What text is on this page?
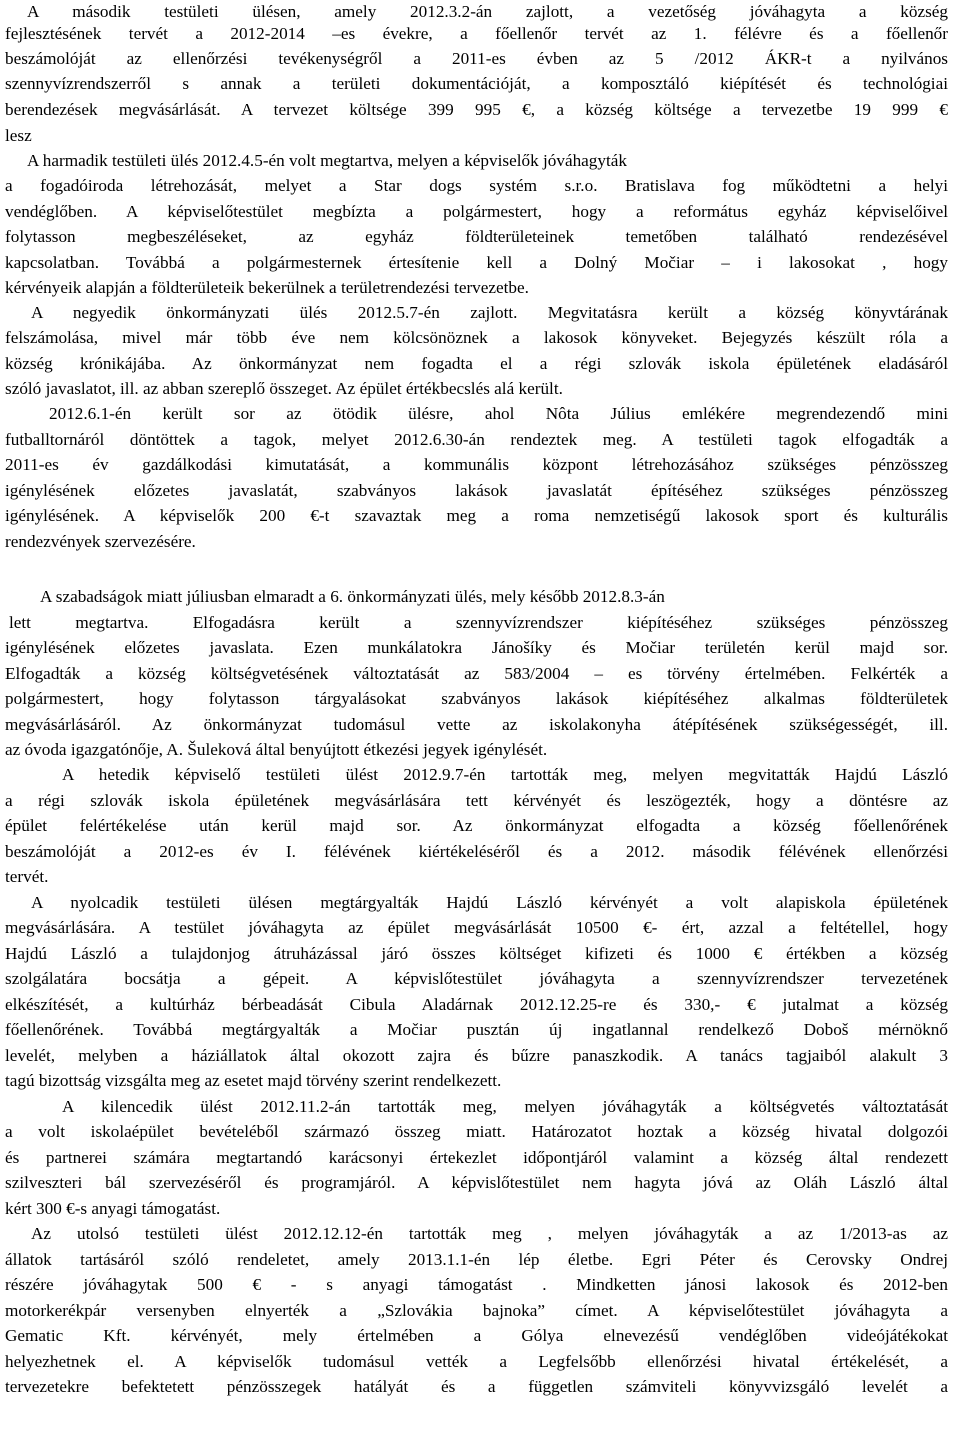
A második testületi ülésen, amely 2012.3.2-án zajlott, a vezetőség jóváhagyta a község
fejlesztésének tervét a 2012-2014 –es évekre, a főellenőr tervét az 1. félévre és a főellenőr
beszámolóját az ellenőrzési tevékenységről a 2011-es évben az 5 /2012 ÁKR-t a nyilvános
szennyvízrendszerről s annak a területi dokumentációját, a komposztáló kiépítését és technológiai
berendezések megvásárlását. A tervezet költsége 399 995 €, a község költsége a tervezetbe 19 999 €
lesz
A harmadik testületi ülés 2012.4.5-én volt megtartva, melyen a képviselők jóváhagyták
a fogadóiroda létrehozását, melyet a Star dogs systém s.r.o. Bratislava fog működtetni a helyi
vendéglőben. A képviselőtestület megbízta a polgármestert, hogy a református egyház képviselőivel
folytasson megbeszéléseket, az egyház földterületeinek temetőben található rendezésével
kapcsolatban. Továbbá a polgármesternek értesítenie kell a Dolný Močiar – i lakosokat , hogy
kérvényeik alapján a földterületeik bekerülnek a területrendezési tervezetbe.
A negyedik önkormányzati ülés 2012.5.7-én zajlott. Megvitatásra került a község könyvtárának
felszámolása, mivel már több éve nem kölcsönöznek a lakosok könyveket. Bejegyzés készült róla a
község krónikájába. Az önkormányzat nem fogadta el a régi szlovák iskola épületének eladásáról
szóló javaslatot, ill. az abban szereplő összeget. Az épület értékbecslés alá került.
2012.6.1-én került sor az ötödik ülésre, ahol Nôta Július emlékére megrendezendő mini
futballtornáról döntöttek a tagok, melyet 2012.6.30-án rendeztek meg. A testületi tagok elfogadták a
2011-es év gazdálkodási kimutatását, a kommunális központ létrehozásához szükséges pénzösszeg
igénylésének előzetes javaslatát, szabványos lakások javaslatát építéséhez szükséges pénzösszeg
igénylésének. A képviselők 200 €-t szavaztak meg a roma nemzetiségű lakosok sport és kulturális
rendezvények szervezésére.
A szabadságok miatt júliusban elmaradt a 6. önkormányzati ülés, mely később 2012.8.3-án
lett megtartva. Elfogadásra került a szennyvízrendszer kiépítéséhez szükséges pénzösszeg
igénylésének előzetes javaslata. Ezen munkálatokra Jánošíky és Močiar területén kerül majd sor.
Elfogadták a község költségvetésének változtatását az 583/2004 – es törvény értelmében. Felkérték a
polgármestert, hogy folytasson tárgyalásokat szabványos lakások kiépítéséhez alkalmas földterületek
megvásárlásáról. Az önkormányzat tudomásul vette az iskolakonyha átépítésének szükségességét, ill.
az óvoda igazgatónője, A. Šuleková által benyújtott étkezési jegyek igénylését.
A hetedik képviselő testületi ülést 2012.9.7-én tartották meg, melyen megvitatták Hajdú László
a régi szlovák iskola épületének megvásárlására tett kérvényét és leszögezték, hogy a döntésre az
épület felértékelése után kerül majd sor. Az önkormányzat elfogadta a község főellenőrének
beszámolóját a 2012-es év I. félévének kiértékeléséről és a 2012. második félévének ellenőrzési
tervét.
A nyolcadik testületi ülésen megtárgyalták Hajdú László kérvényét a volt alapiskola épületének
megvásárlására. A testület jóváhagyta az épület megvásárlását 10500 €- ért, azzal a feltétellel, hogy
Hajdú László a tulajdonjog átruházással járó összes költséget kifizeti és 1000 € értékben a község
szolgálatára bocsátja a gépeit. A képvislőtestület jóváhagyta a szennyvízrendszer tervezetének
elkészítését, a kultúrház bérbeadását Cibula Aladárnak 2012.12.25-re és 330,- € jutalmat a község
főellenőrének. Továbbá megtárgyalták a Močiar pusztán új ingatlannal rendelkező Doboš mérnöknő
levelét, melyben a háziállatok által okozott zajra és bűzre panaszkodik. A tanács tagjaiból alakult 3
tagú bizottság vizsgálta meg az esetet majd törvény szerint rendelkezett.
A kilencedik ülést 2012.11.2-án tartották meg, melyen jóváhagyták a költségvetés változtatását
a volt iskolaépület bevételéből származó összeg miatt. Határozatot hoztak a község hivatal dolgozói
és partnerei számára megtartandó karácsonyi értekezlet időpontjáról valamint a község által rendezett
szilveszteri bál szervezéséről és programjáról. A képvislőtestület nem hagyta jóvá az Oláh László által
kért 300 €-s anyagi támogatást.
Az utolsó testületi ülést 2012.12.12-én tartották meg , melyen jóváhagyták a az 1/2013-as az
állatok tartásáról szóló rendeletet, amely 2013.1.1-én lép életbe. Egri Péter és Cerovsky Ondrej
részére jóváhagytak 500 € - s anyagi támogatást . Mindketten jánosi lakosok és 2012-ben
motorkerékpár versenyben elnyerték a „Szlovákia bajnoka” címet. A képviselőtestület jóváhagyta a
Gematic Kft. kérvényét, mely értelmében a Gólya elnevezésű vendéglőben videójátékokat
helyezhetnek el. A képviselők tudomásul vették a Legfelsőbb ellenőrzési hivatal értékelését, a
tervezetekre befektetett pénzösszegek hatályát és a független számviteli könyvvizsgáló levelét a
